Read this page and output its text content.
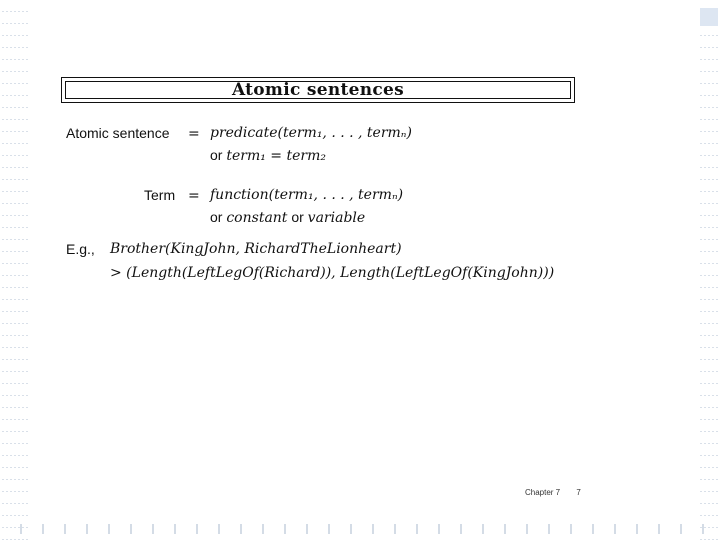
Atomic sentences
Atomic sentence = predicate(term₁, . . . , termₙ)
or term₁ = term₂
Term = function(term₁, . . . , termₙ)
or constant or variable
E.g., Brother(KingJohn, RichardTheLionheart)
> (Length(LeftLegOf(Richard)), Length(LeftLegOf(KingJohn)))
Chapter 7 7
